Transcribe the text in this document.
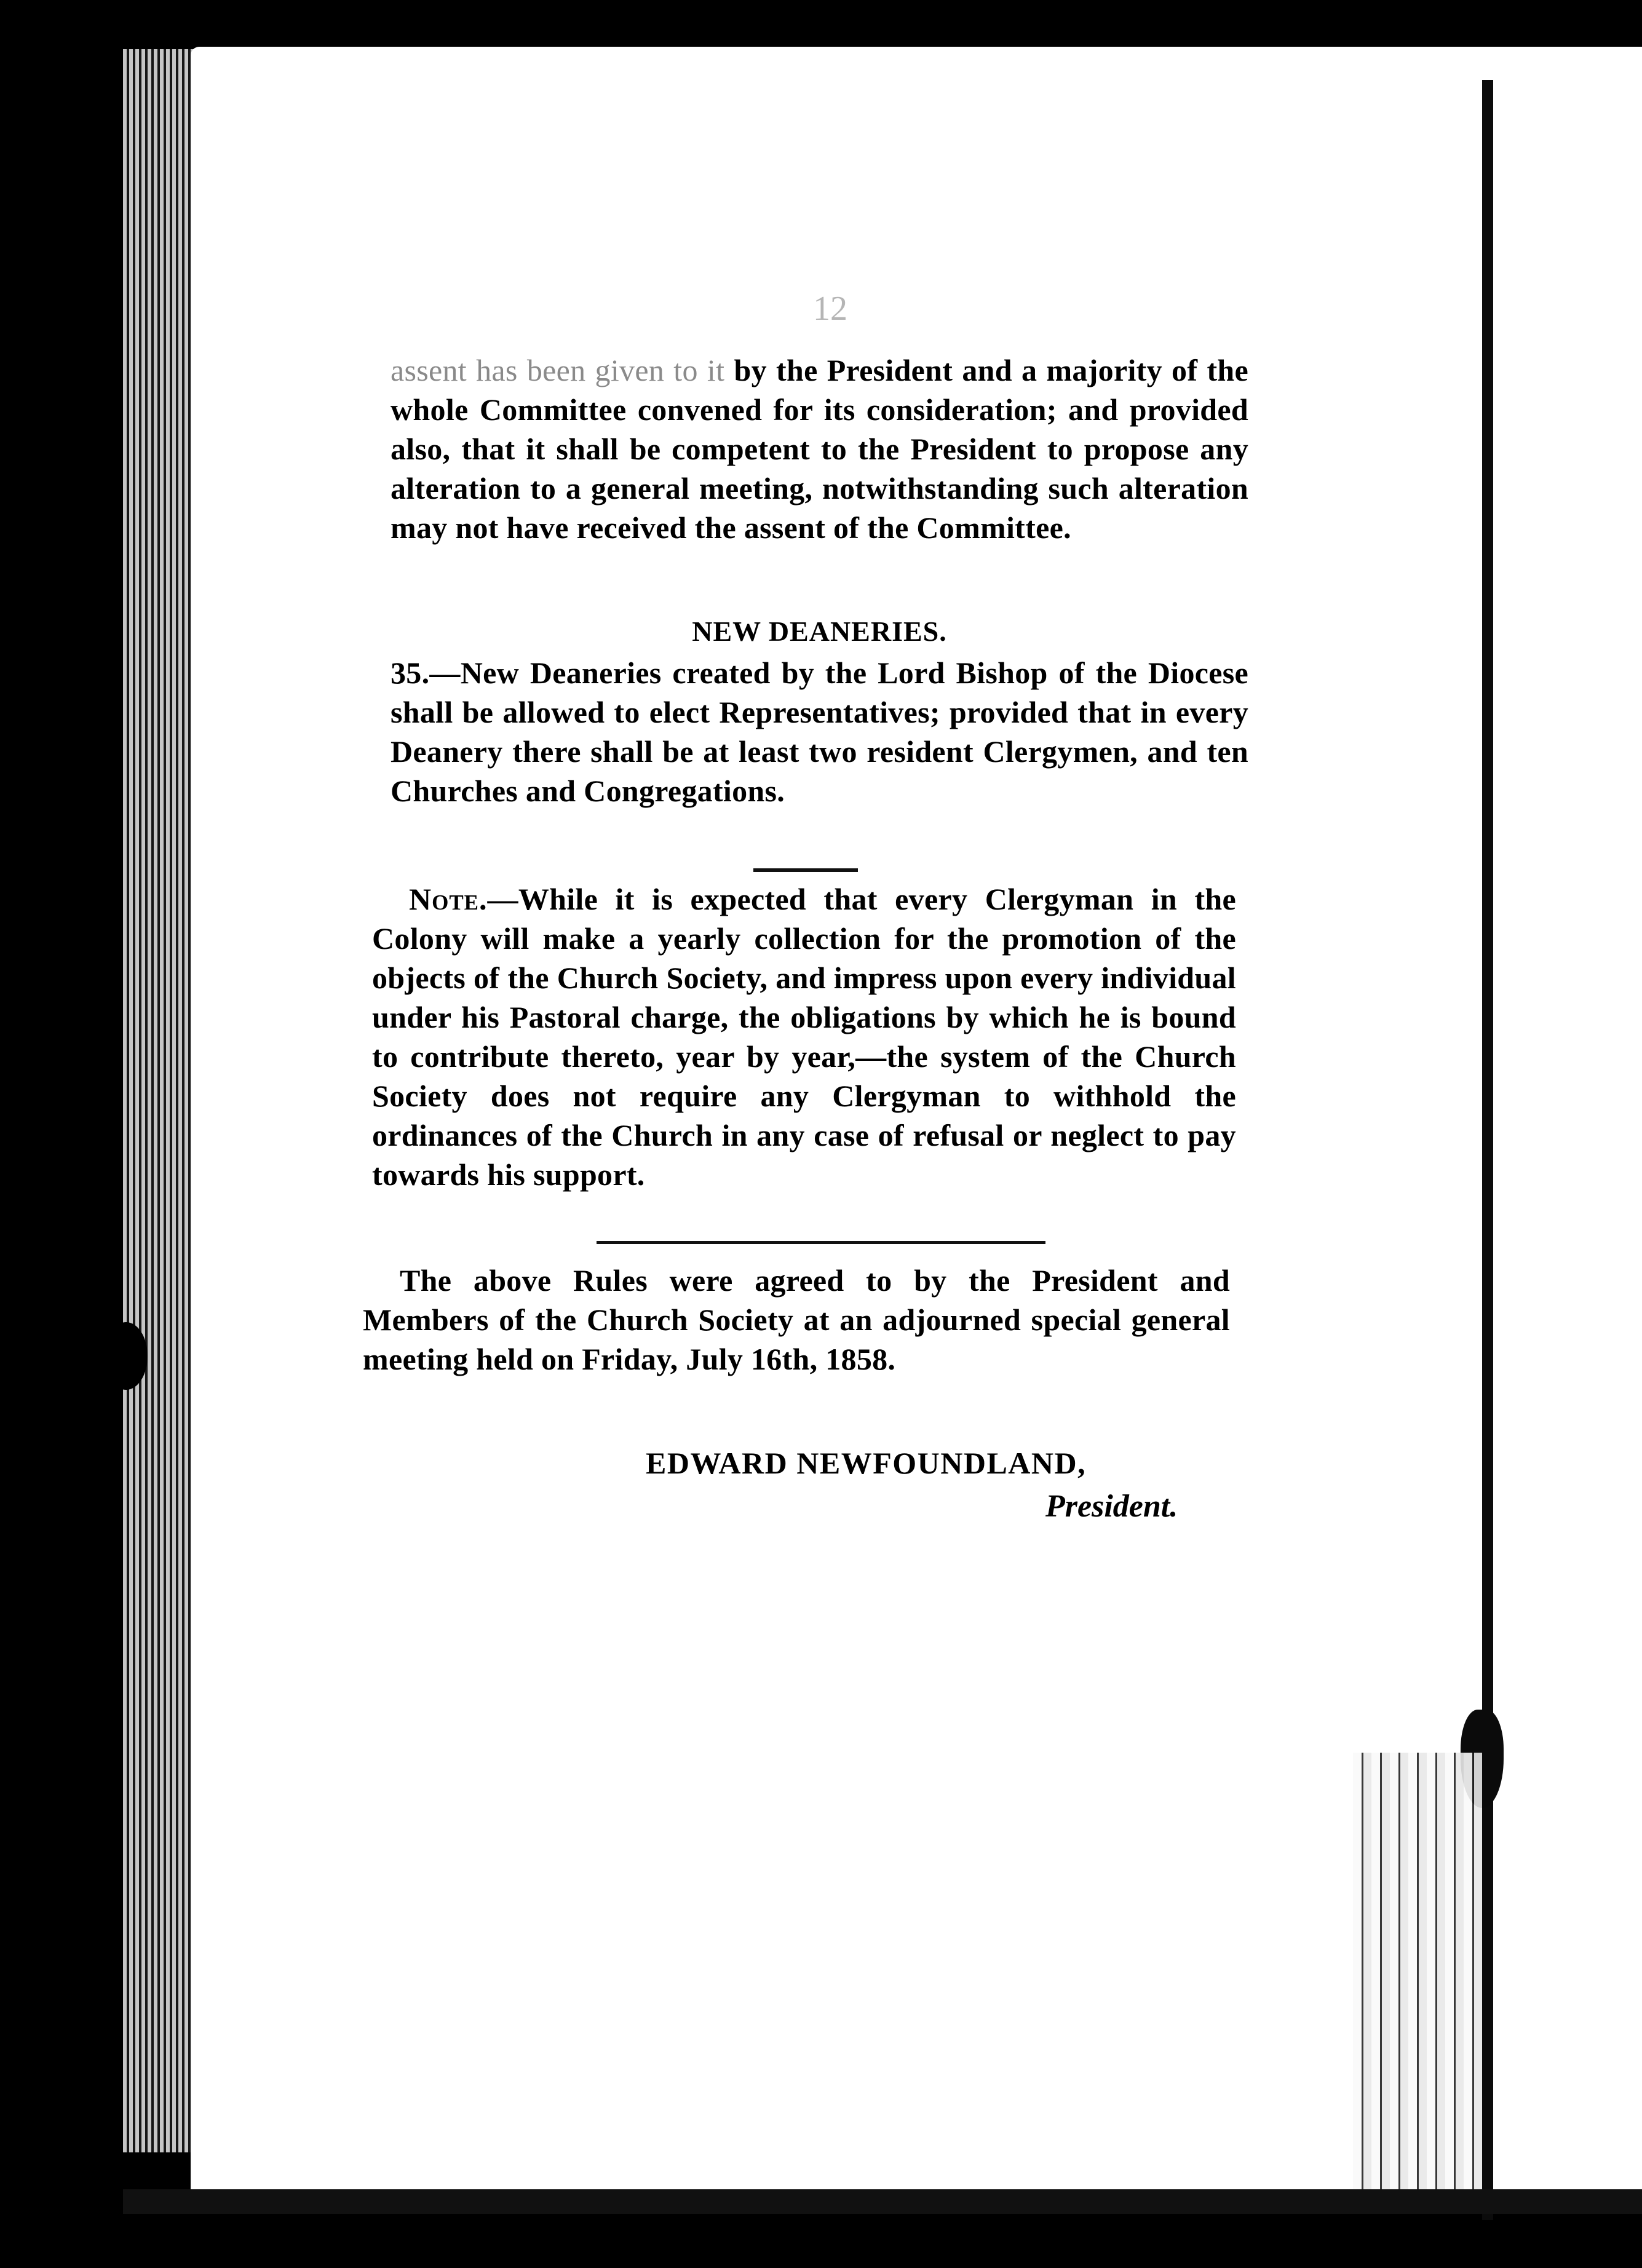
12

assent has been given to it by the President and a majority of the whole Committee convened for its consideration; and provided also, that it shall be competent to the President to propose any alteration to a general meeting, notwithstanding such alteration may not have received the assent of the Committee.

NEW DEANERIES.

35.—New Deaneries created by the Lord Bishop of the Diocese shall be allowed to elect Representatives; provided that in every Deanery there shall be at least two resident Clergymen, and ten Churches and Congregations.

Note.—While it is expected that every Clergyman in the Colony will make a yearly collection for the promotion of the objects of the Church Society, and impress upon every individual under his Pastoral charge, the obligations by which he is bound to contribute thereto, year by year,—the system of the Church Society does not require any Clergyman to withhold the ordinances of the Church in any case of refusal or neglect to pay towards his support.

The above Rules were agreed to by the President and Members of the Church Society at an adjourned special general meeting held on Friday, July 16th, 1858.

EDWARD NEWFOUNDLAND,
President.
